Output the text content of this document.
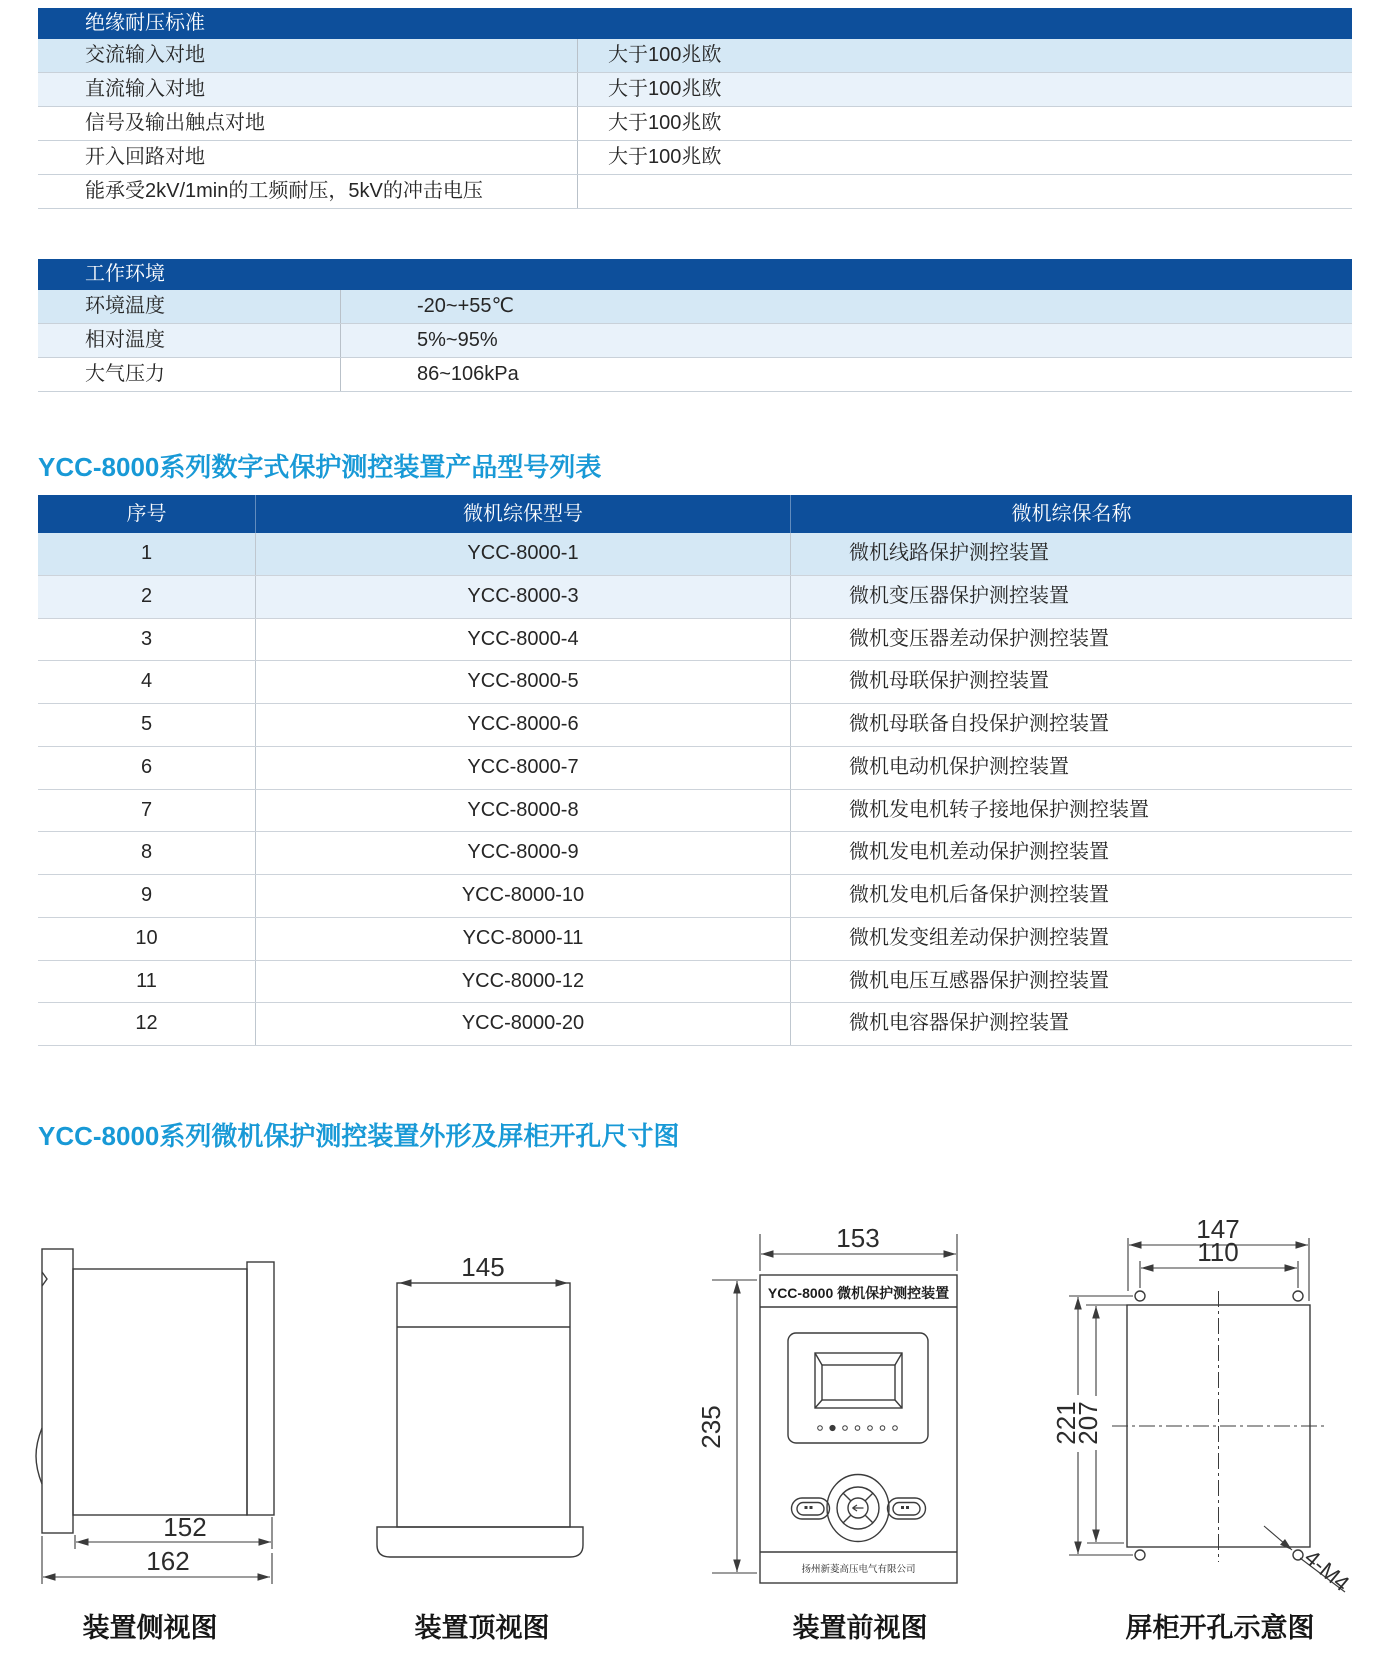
绝缘耐压标准
交流输入对地	大于100兆欧
直流输入对地	大于100兆欧
信号及输出触点对地	大于100兆欧
开入回路对地	大于100兆欧
能承受2kV/1min的工频耐压，5kV的冲击电压
工作环境
环境温度	-20~+55℃
相对温度	5%~95%
大气压力	86~106kPa
YCC-8000系列数字式保护测控装置产品型号列表
序号	微机综保型号	微机综保名称
1	YCC-8000-1	微机线路保护测控装置
2	YCC-8000-3	微机变压器保护测控装置
3	YCC-8000-4	微机变压器差动保护测控装置
4	YCC-8000-5	微机母联保护测控装置
5	YCC-8000-6	微机母联备自投保护测控装置
6	YCC-8000-7	微机电动机保护测控装置
7	YCC-8000-8	微机发电机转子接地保护测控装置
8	YCC-8000-9	微机发电机差动保护测控装置
9	YCC-8000-10	微机发电机后备保护测控装置
10	YCC-8000-11	微机发变组差动保护测控装置
11	YCC-8000-12	微机电压互感器保护测控装置
12	YCC-8000-20	微机电容器保护测控装置
YCC-8000系列微机保护测控装置外形及屏柜开孔尺寸图
152
162
145
153
235
YCC-8000 微机保护测控装置
扬州新菱高压电气有限公司
147
110
221
207
4-M4
装置侧视图	装置顶视图	装置前视图	屏柜开孔示意图
